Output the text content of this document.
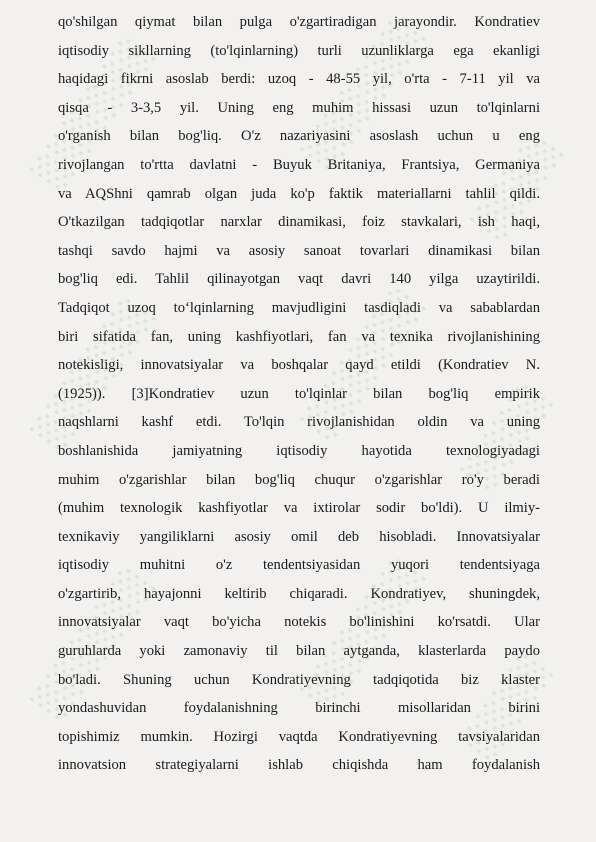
░░░░░░	░░░░░░
░░░░
░░░░░░	░░░░░░ ░░░░
░░░░░░	░░░░░░ ░░░░
qo'shilgan qiymat bilan pulga o'zgartiradigan jarayondir. Kondratiev
iqtisodiy sikllarning (to'lqinlarning) turli uzunliklarga ega ekanligi
haqidagi fikrni asoslab berdi: uzoq - 48-55 yil, o'rta - 7-11 yil va
qisqa - 3-3,5 yil. Uning eng muhim hissasi uzun to'lqinlarni
o'rganish bilan bog'liq. O'z nazariyasini asoslash uchun u eng
rivojlangan to'rtta davlatni - Buyuk Britaniya, Frantsiya, Germaniya
va AQShni qamrab olgan juda ko'p faktik materiallarni tahlil qildi.
O'tkazilgan tadqiqotlar narxlar dinamikasi, foiz stavkalari, ish haqi,
tashqi savdo hajmi va asosiy sanoat tovarlari dinamikasi bilan
bog'liq edi. Tahlil qilinayotgan vaqt davri 140 yilga uzaytirildi.
Tadqiqot uzoq to‘lqinlarning mavjudligini tasdiqladi va sabablardan
biri sifatida fan, uning kashfiyotlari, fan va texnika rivojlanishining
notekisligi, innovatsiyalar va boshqalar qayd etildi (Kondratiev N.
(1925)). [3]Kondratiev uzun to'lqinlar bilan bog'liq empirik
naqshlarni kashf etdi. To'lqin rivojlanishidan oldin va uning
boshlanishida jamiyatning iqtisodiy hayotida texnologiyadagi
muhim o'zgarishlar bilan bog'liq chuqur o'zgarishlar ro'y beradi
(muhim texnologik kashfiyotlar va ixtirolar sodir bo'ldi). U ilmiy-
texnikaviy yangiliklarni asosiy omil deb hisobladi. Innovatsiyalar
iqtisodiy muhitni o'z tendentsiyasidan yuqori tendentsiyaga
o'zgartirib, hayajonni keltirib chiqaradi. Kondratiyev, shuningdek,
innovatsiyalar vaqt bo'yicha notekis bo'linishini ko'rsatdi. Ular
guruhlarda yoki zamonaviy til bilan aytganda, klasterlarda paydo
bo'ladi. Shuning uchun Kondratiyevning tadqiqotida biz klaster
yondashuvidan foydalanishning birinchi misollaridan birini
topishimiz mumkin. Hozirgi vaqtda Kondratiyevning tavsiyalaridan
innovatsion strategiyalarni ishlab chiqishda ham foydalanish
